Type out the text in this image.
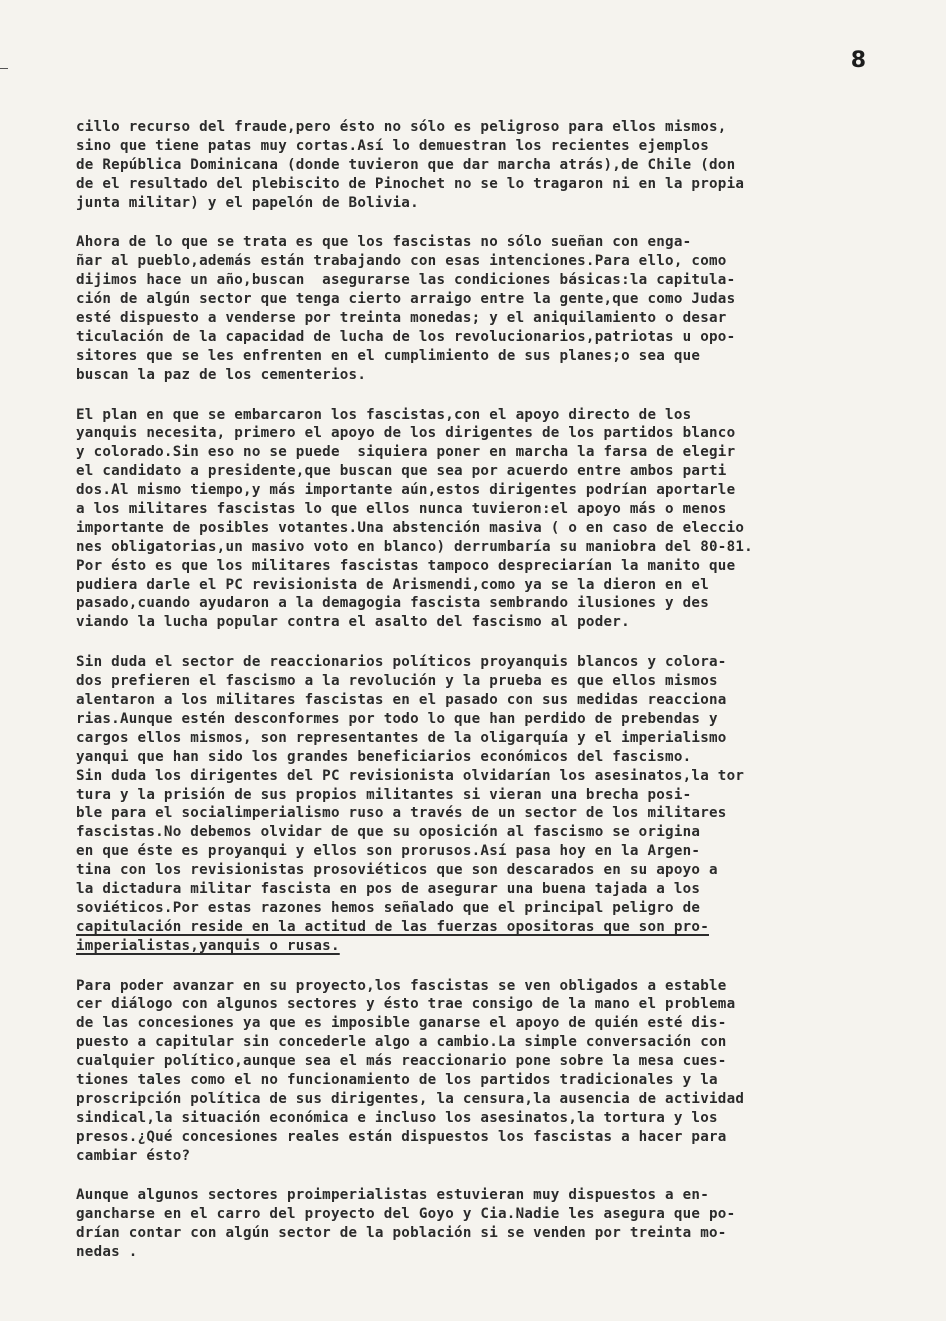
8
cillo recurso del fraude,pero ésto no sólo es peligroso para ellos mismos,
sino que tiene patas muy cortas.Así lo demuestran los recientes ejemplos
de República Dominicana (donde tuvieron que dar marcha atrás),de Chile (don
de el resultado del plebiscito de Pinochet no se lo tragaron ni en la propia
junta militar) y el papelón de Bolivia.
Ahora de lo que se trata es que los fascistas no sólo sueñan con enga-
ñar al pueblo,además están trabajando con esas intenciones.Para ello, como
dijimos hace un año,buscan  asegurarse las condiciones básicas:la capitula-
ción de algún sector que tenga cierto arraigo entre la gente,que como Judas
esté dispuesto a venderse por treinta monedas; y el aniquilamiento o desar
ticulación de la capacidad de lucha de los revolucionarios,patriotas u opo-
sitores que se les enfrenten en el cumplimiento de sus planes;o sea que
buscan la paz de los cementerios.
El plan en que se embarcaron los fascistas,con el apoyo directo de los
yanquis necesita, primero el apoyo de los dirigentes de los partidos blanco
y colorado.Sin eso no se puede  siquiera poner en marcha la farsa de elegir
el candidato a presidente,que buscan que sea por acuerdo entre ambos parti
dos.Al mismo tiempo,y más importante aún,estos dirigentes podrían aportarle
a los militares fascistas lo que ellos nunca tuvieron:el apoyo más o menos
importante de posibles votantes.Una abstención masiva ( o en caso de eleccio
nes obligatorias,un masivo voto en blanco) derrumbaría su maniobra del 80-81.
Por ésto es que los militares fascistas tampoco despreciarían la manito que
pudiera darle el PC revisionista de Arismendi,como ya se la dieron en el
pasado,cuando ayudaron a la demagogia fascista sembrando ilusiones y des
viando la lucha popular contra el asalto del fascismo al poder.
Sin duda el sector de reaccionarios políticos proyanquis blancos y colora-
dos prefieren el fascismo a la revolución y la prueba es que ellos mismos
alentaron a los militares fascistas en el pasado con sus medidas reacciona
rias.Aunque estén desconformes por todo lo que han perdido de prebendas y
cargos ellos mismos, son representantes de la oligarquía y el imperialismo
yanqui que han sido los grandes beneficiarios económicos del fascismo.
Sin duda los dirigentes del PC revisionista olvidarían los asesinatos,la tor
tura y la prisión de sus propios militantes si vieran una brecha posi-
ble para el socialimperialismo ruso a través de un sector de los militares
fascistas.No debemos olvidar de que su oposición al fascismo se origina
en que éste es proyanqui y ellos son prorusos.Así pasa hoy en la Argen-
tina con los revisionistas prosoviéticos que son descarados en su apoyo a
la dictadura militar fascista en pos de asegurar una buena tajada a los
soviéticos.Por estas razones hemos señalado que el principal peligro de
capitulación reside en la actitud de las fuerzas opositoras que son pro-
imperialistas,yanquis o rusas.
Para poder avanzar en su proyecto,los fascistas se ven obligados a estable
cer diálogo con algunos sectores y ésto trae consigo de la mano el problema
de las concesiones ya que es imposible ganarse el apoyo de quién esté dis-
puesto a capitular sin concederle algo a cambio.La simple conversación con
cualquier político,aunque sea el más reaccionario pone sobre la mesa cues-
tiones tales como el no funcionamiento de los partidos tradicionales y la
proscripción política de sus dirigentes, la censura,la ausencia de actividad
sindical,la situación económica e incluso los asesinatos,la tortura y los
presos.¿Qué concesiones reales están dispuestos los fascistas a hacer para
cambiar ésto?
Aunque algunos sectores proimperialistas estuvieran muy dispuestos a en-
gancharse en el carro del proyecto del Goyo y Cia.Nadie les asegura que po-
drían contar con algún sector de la población si se venden por treinta mo-
nedas .
